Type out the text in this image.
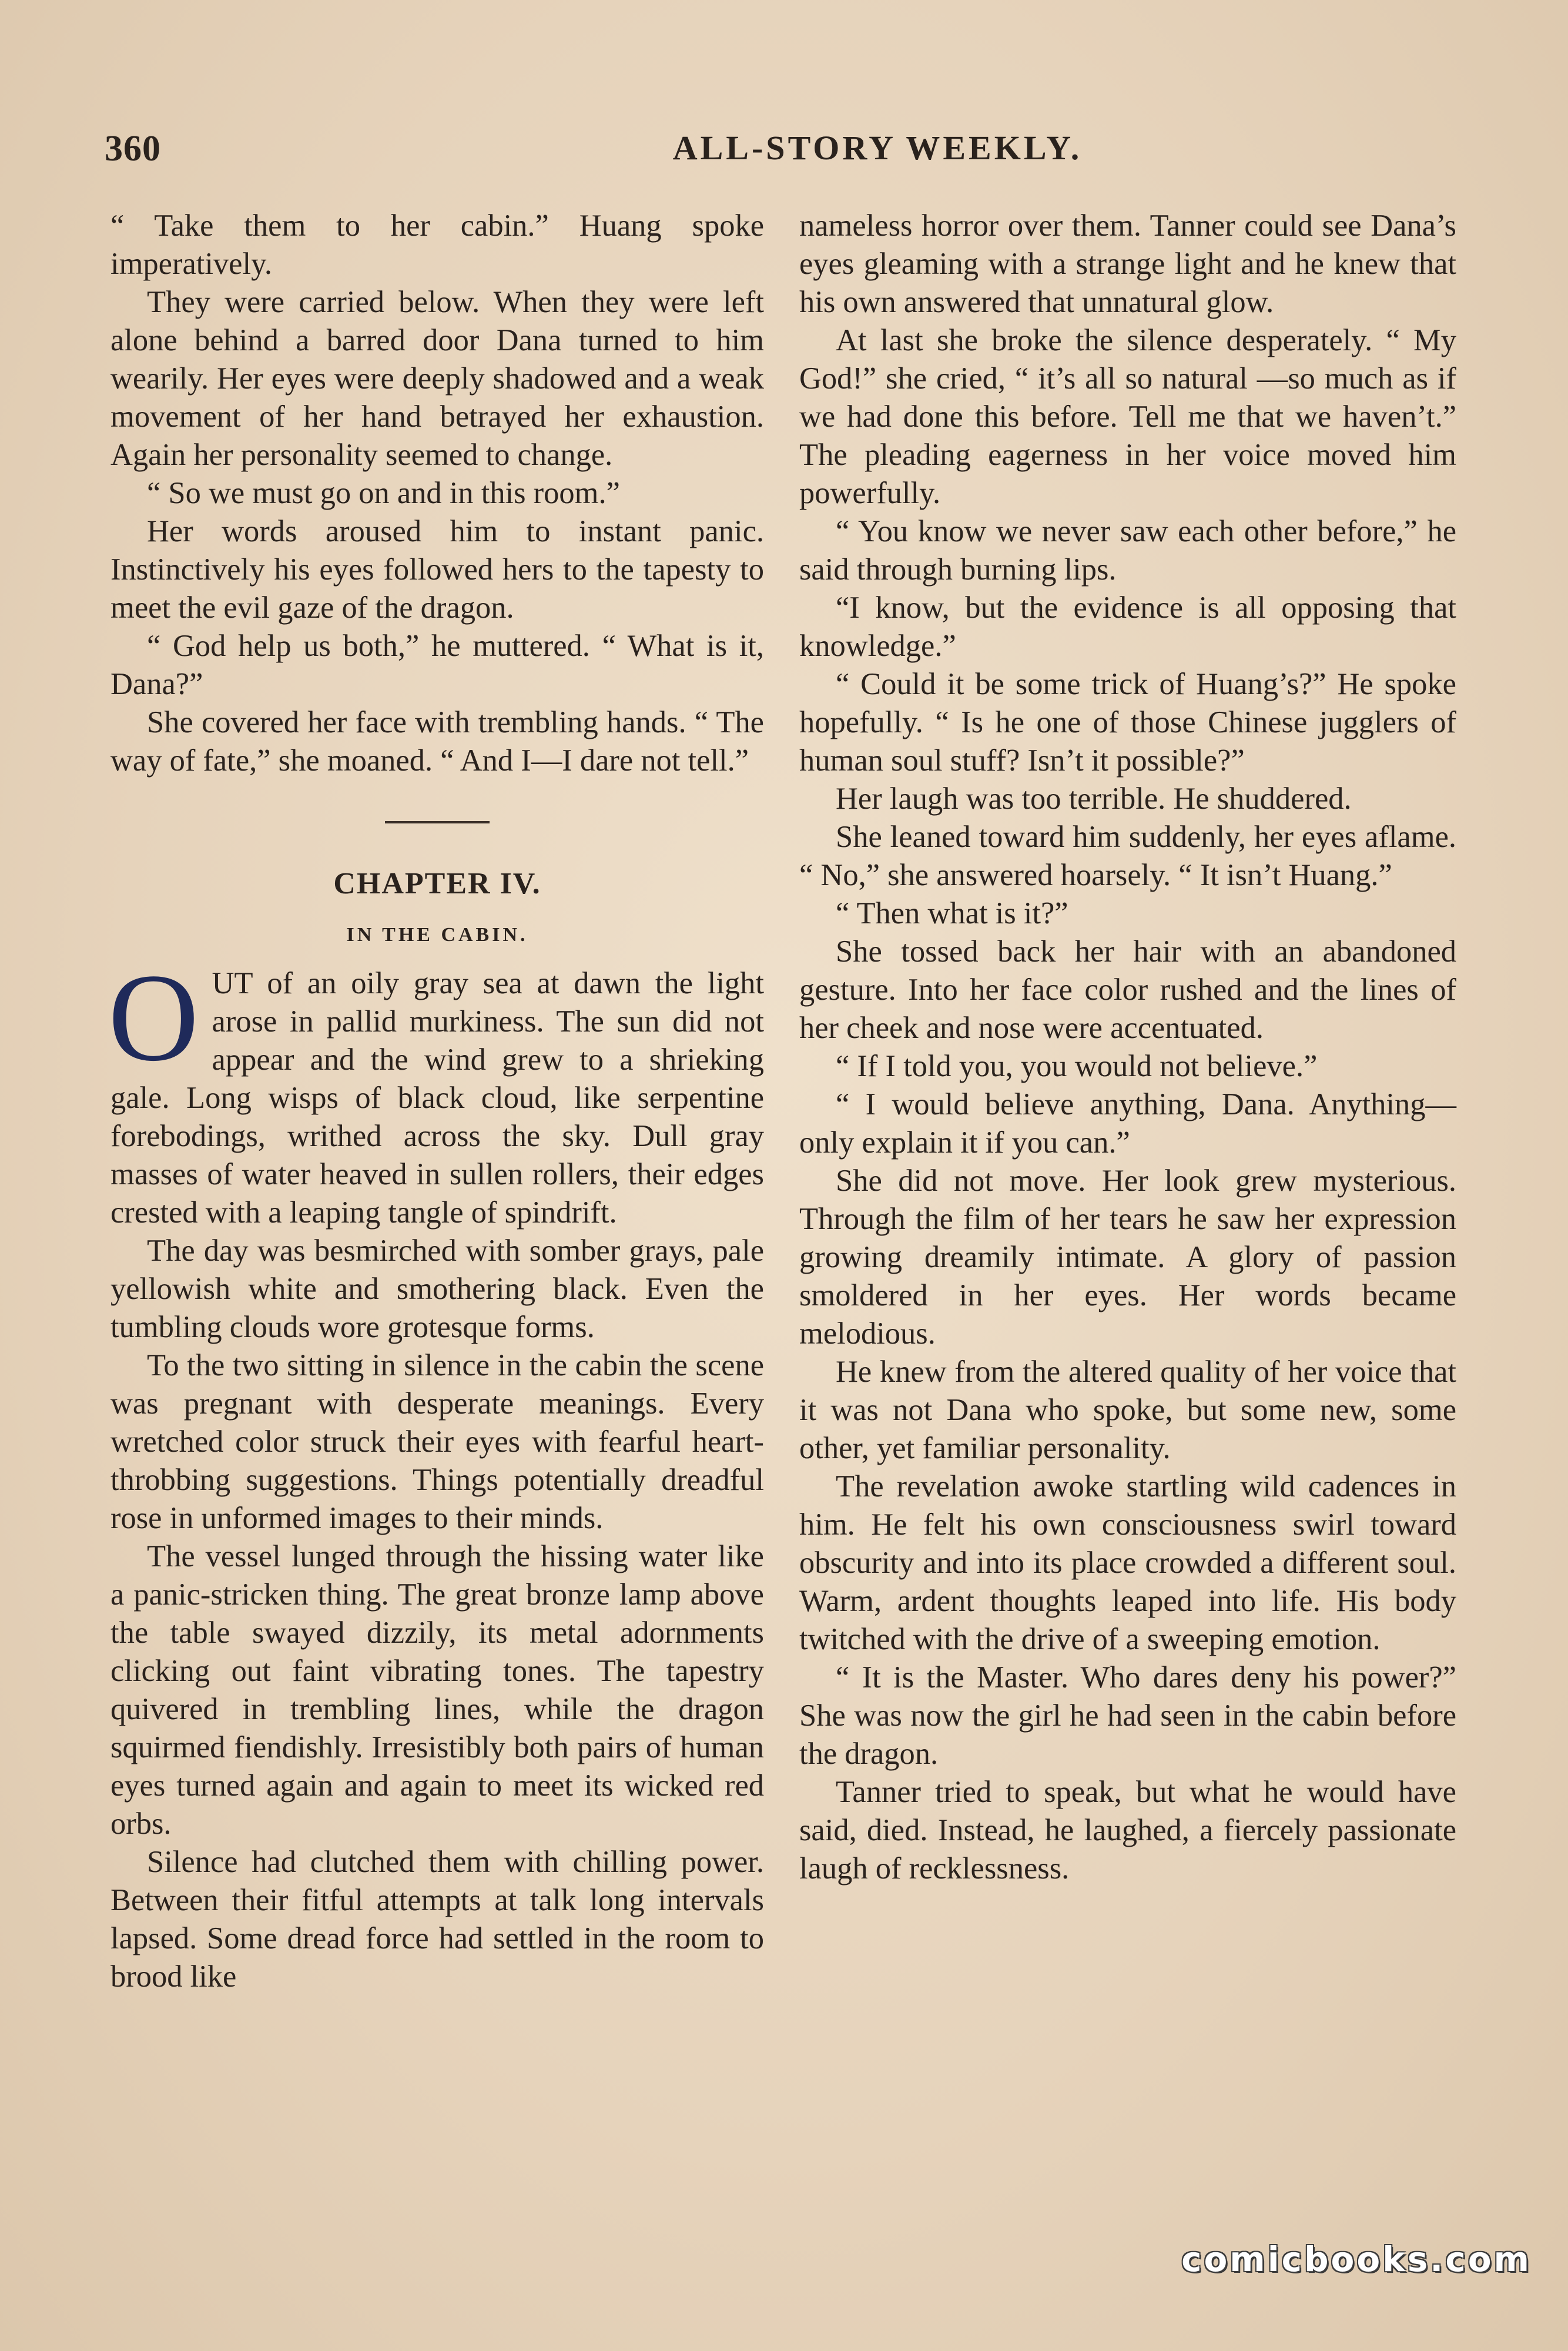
360	ALL-STORY WEEKLY.

“ Take them to her cabin.” Huang spoke imperatively.

They were carried below. When they were left alone behind a barred door Dana turned to him wearily. Her eyes were deeply shadowed and a weak movement of her hand betrayed her exhaustion. Again her personality seemed to change.

“ So we must go on and in this room.”

Her words aroused him to instant panic. Instinctively his eyes followed hers to the tapesty to meet the evil gaze of the dragon.

“ God help us both,” he muttered. “ What is it, Dana?”

She covered her face with trembling hands. “ The way of fate,” she moaned. “ And I—I dare not tell.”

CHAPTER IV.
IN THE CABIN.

OUT of an oily gray sea at dawn the light arose in pallid murkiness. The sun did not appear and the wind grew to a shrieking gale. Long wisps of black cloud, like serpentine forebodings, writhed across the sky. Dull gray masses of water heaved in sullen rollers, their edges crested with a leaping tangle of spindrift.

The day was besmirched with somber grays, pale yellowish white and smothering black. Even the tumbling clouds wore grotesque forms.

To the two sitting in silence in the cabin the scene was pregnant with desperate meanings. Every wretched color struck their eyes with fearful heart-throbbing suggestions. Things potentially dreadful rose in unformed images to their minds.

The vessel lunged through the hissing water like a panic-stricken thing. The great bronze lamp above the table swayed dizzily, its metal adornments clicking out faint vibrating tones. The tapestry quivered in trembling lines, while the dragon squirmed fiendishly. Irresistibly both pairs of human eyes turned again and again to meet its wicked red orbs.

Silence had clutched them with chilling power. Between their fitful attempts at talk long intervals lapsed. Some dread force had settled in the room to brood like

nameless horror over them. Tanner could see Dana’s eyes gleaming with a strange light and he knew that his own answered that unnatural glow.

At last she broke the silence desperately. “ My God!” she cried, “ it’s all so natural —so much as if we had done this before. Tell me that we haven’t.” The pleading eagerness in her voice moved him powerfully.

“ You know we never saw each other before,” he said through burning lips.

“I know, but the evidence is all opposing that knowledge.”

“ Could it be some trick of Huang’s?” He spoke hopefully. “ Is he one of those Chinese jugglers of human soul stuff? Isn’t it possible?”

Her laugh was too terrible. He shuddered.

She leaned toward him suddenly, her eyes aflame. “ No,” she answered hoarsely. “ It isn’t Huang.”

“ Then what is it?”

She tossed back her hair with an abandoned gesture. Into her face color rushed and the lines of her cheek and nose were accentuated.

“ If I told you, you would not believe.”

“ I would believe anything, Dana. Anything—only explain it if you can.”

She did not move. Her look grew mysterious. Through the film of her tears he saw her expression growing dreamily intimate. A glory of passion smoldered in her eyes. Her words became melodious.

He knew from the altered quality of her voice that it was not Dana who spoke, but some new, some other, yet familiar personality.

The revelation awoke startling wild cadences in him. He felt his own consciousness swirl toward obscurity and into its place crowded a different soul. Warm, ardent thoughts leaped into life. His body twitched with the drive of a sweeping emotion.

“ It is the Master. Who dares deny his power?” She was now the girl he had seen in the cabin before the dragon.

Tanner tried to speak, but what he would have said, died. Instead, he laughed, a fiercely passionate laugh of recklessness.

comicbooks.com
